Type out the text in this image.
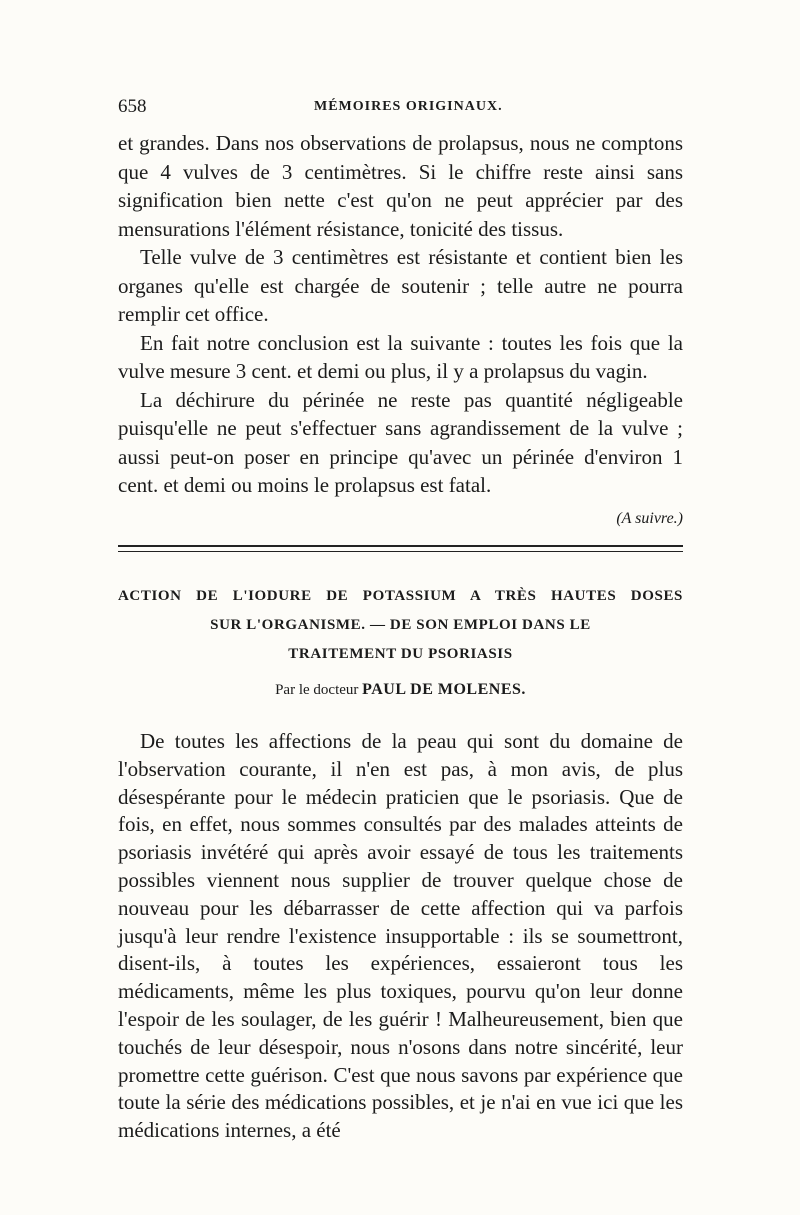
658	MÉMOIRES ORIGINAUX.

et grandes. Dans nos observations de prolapsus, nous ne comptons que 4 vulves de 3 centimètres. Si le chiffre reste ainsi sans signification bien nette c'est qu'on ne peut apprécier par des mensurations l'élément résistance, tonicité des tissus.

Telle vulve de 3 centimètres est résistante et contient bien les organes qu'elle est chargée de soutenir ; telle autre ne pourra remplir cet office.

En fait notre conclusion est la suivante : toutes les fois que la vulve mesure 3 cent. et demi ou plus, il y a prolapsus du vagin.

La déchirure du périnée ne reste pas quantité négligeable puisqu'elle ne peut s'effectuer sans agrandissement de la vulve ; aussi peut-on poser en principe qu'avec un périnée d'environ 1 cent. et demi ou moins le prolapsus est fatal.

(A suivre.)
ACTION DE L'IODURE DE POTASSIUM A TRÈS HAUTES DOSES
SUR L'ORGANISME. — DE SON EMPLOI DANS LE
TRAITEMENT DU PSORIASIS
Par le docteur PAUL DE MOLENES.

De toutes les affections de la peau qui sont du domaine de l'observation courante, il n'en est pas, à mon avis, de plus désespérante pour le médecin praticien que le psoriasis. Que de fois, en effet, nous sommes consultés par des malades atteints de psoriasis invétéré qui après avoir essayé de tous les traitements possibles viennent nous supplier de trouver quelque chose de nouveau pour les débarrasser de cette affection qui va parfois jusqu'à leur rendre l'existence insupportable : ils se soumettront, disent-ils, à toutes les expériences, essaieront tous les médicaments, même les plus toxiques, pourvu qu'on leur donne l'espoir de les soulager, de les guérir ! Malheureusement, bien que touchés de leur désespoir, nous n'osons dans notre sincérité, leur promettre cette guérison. C'est que nous savons par expérience que toute la série des médications possibles, et je n'ai en vue ici que les médications internes, a été
